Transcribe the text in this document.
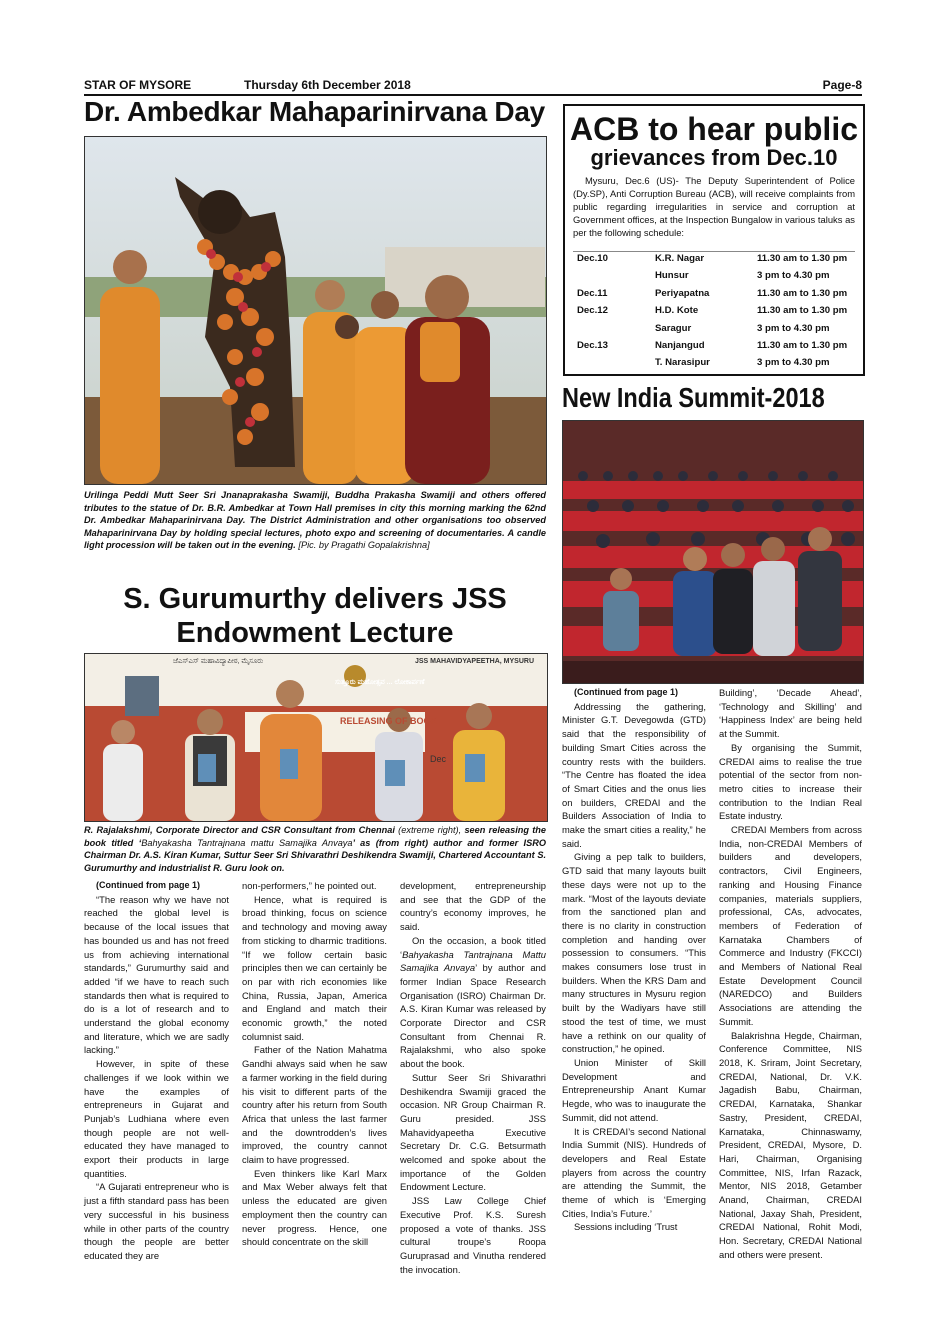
STAR OF MYSORE	Thursday 6th December 2018	Page-8
Dr. Ambedkar Mahaparinirvana Day
Urilinga Peddi Mutt Seer Sri Jnanaprakasha Swamiji, Buddha Prakasha Swamiji and others offered tributes to the statue of Dr. B.R. Ambedkar at Town Hall premises in city this morning marking the 62nd Dr. Ambedkar Mahaparinirvana Day. The District Administration and other organisations too observed Mahaparinirvana Day by holding special lectures, photo expo and screening of documentaries. A candle light procession will be taken out in the evening. [Pic. by Pragathi Gopalakrishna]
S. Gurumurthy delivers JSS
Endowment Lecture
ಜೆಎಸ್‌ಎಸ್ ಮಹಾವಿದ್ಯಾಪೀಠ, ಮೈಸೂರು	JSS MAHAVIDYAPEETHA, MYSURU
ಸುತ್ತೂರು ಮಹೋತ್ಸವ ... ಲೋಕಾರ್ಪಣೆ
RELEASING OF BOOK
Dec
R. Rajalakshmi, Corporate Director and CSR Consultant from Chennai (extreme right), seen releasing the book titled ‘Bahyakasha Tantrajnana mattu Samajika Anvaya’ as (from right) author and former ISRO Chairman Dr. A.S. Kiran Kumar, Suttur Seer Sri Shivarathri Deshikendra Swamiji, Chartered Accountant S. Gurumurthy and industrialist R. Guru look on.

(Continued from page 1)

“The reason why we have not reached the global level is because of the local issues that has bounded us and has not freed us from achieving international standards,” Gurumurthy said and added “if we have to reach such standards then what is required to do is a lot of research and to understand the global economy and literature, which we are sadly lacking.”

However, in spite of these challenges if we look within we have the examples of entrepreneurs in Gujarat and Punjab’s Ludhiana where even though people are not well-educated they have managed to export their products in large quantities.

“A Gujarati entrepreneur who is just a fifth standard pass has been very successful in his business while in other parts of the country though the people are better educated they are

non-performers,” he pointed out.

Hence, what is required is broad thinking, focus on science and technology and moving away from sticking to dharmic traditions. “If we follow certain basic principles then we can certainly be on par with rich economies like China, Russia, Japan, America and England and match their economic growth,” the noted columnist said.

Father of the Nation Mahatma Gandhi always said when he saw a farmer working in the field during his visit to different parts of the country after his return from South Africa that unless the last farmer and the downtrodden’s lives improved, the country cannot claim to have progressed.

Even thinkers like Karl Marx and Max Weber always felt that unless the educated are given employment then the country can never progress. Hence, one should concentrate on the skill

development, entrepreneurship and see that the GDP of the country’s economy improves, he said.

On the occasion, a book titled ‘Bahyakasha Tantrajnana Mattu Samajika Anvaya’ by author and former Indian Space Research Organisation (ISRO) Chairman Dr. A.S. Kiran Kumar was released by Corporate Director and CSR Consultant from Chennai R. Rajalakshmi, who also spoke about the book.

Suttur Seer Sri Shivarathri Deshikendra Swamiji graced the occasion. NR Group Chairman R. Guru presided. JSS Mahavidyapeetha Executive Secretary Dr. C.G. Betsurmath welcomed and spoke about the importance of the Golden Endowment Lecture.

JSS Law College Chief Executive Prof. K.S. Suresh proposed a vote of thanks. JSS cultural troupe’s Roopa Guruprasad and Vinutha rendered the invocation.

ACB to hear public
grievances from Dec.10
Mysuru, Dec.6 (US)- The Deputy Superintendent of Police (Dy.SP), Anti Corruption Bureau (ACB), will receive complaints from public regarding irregularities in service and corruption at Government offices, at the Inspection Bungalow in various taluks as per the following schedule:
Dec.10	K.R. Nagar	11.30 am to 1.30 pm
Hunsur	3 pm to 4.30 pm
Dec.11	Periyapatna	11.30 am to 1.30 pm
Dec.12	H.D. Kote	11.30 am to 1.30 pm
Saragur	3 pm to 4.30 pm
Dec.13	Nanjangud	11.30 am to 1.30 pm
T. Narasipur	3 pm to 4.30 pm
New India Summit-2018

(Continued from page 1)

Addressing the gathering, Minister G.T. Devegowda (GTD) said that the responsibility of building Smart Cities across the country rests with the builders. “The Centre has floated the idea of Smart Cities and the onus lies on builders, CREDAI and the Builders Association of India to make the smart cities a reality,” he said.

Giving a pep talk to builders, GTD said that many layouts built these days were not up to the mark. “Most of the layouts deviate from the sanctioned plan and there is no clarity in construction completion and handing over possession to consumers. “This makes consumers lose trust in builders. When the KRS Dam and many structures in Mysuru region built by the Wadiyars have still stood the test of time, we must have a rethink on our quality of construction,” he opined.

Union Minister of Skill Development and Entrepreneurship Anant Kumar Hegde, who was to inaugurate the Summit, did not attend.

It is CREDAI’s second National India Summit (NIS). Hundreds of developers and Real Estate players from across the country are attending the Summit, the theme of which is ‘Emerging Cities, India’s Future.’

Sessions including ‘Trust

Building’, ‘Decade Ahead’, ‘Technology and Skilling’ and ‘Happiness Index’ are being held at the Summit.

By organising the Summit, CREDAI aims to realise the true potential of the sector from non-metro cities to increase their contribution to the Indian Real Estate industry.

CREDAI Members from across India, non-CREDAI Members of builders and developers, contractors, Civil Engineers, ranking and Housing Finance companies, materials suppliers, professional, CAs, advocates, members of Federation of Karnataka Chambers of Commerce and Industry (FKCCI) and Members of National Real Estate Development Council (NAREDCO) and Builders Associations are attending the Summit.

Balakrishna Hegde, Chairman, Conference Committee, NIS 2018, K. Sriram, Joint Secretary, CREDAI, National, Dr. V.K. Jagadish Babu, Chairman, CREDAI, Karnataka, Shankar Sastry, President, CREDAI, Karnataka, Chinnaswamy, President, CREDAI, Mysore, D. Hari, Chairman, Organising Committee, NIS, Irfan Razack, Mentor, NIS 2018, Getamber Anand, Chairman, CREDAI National, Jaxay Shah, President, CREDAI National, Rohit Modi, Hon. Secretary, CREDAI National and others were present.
